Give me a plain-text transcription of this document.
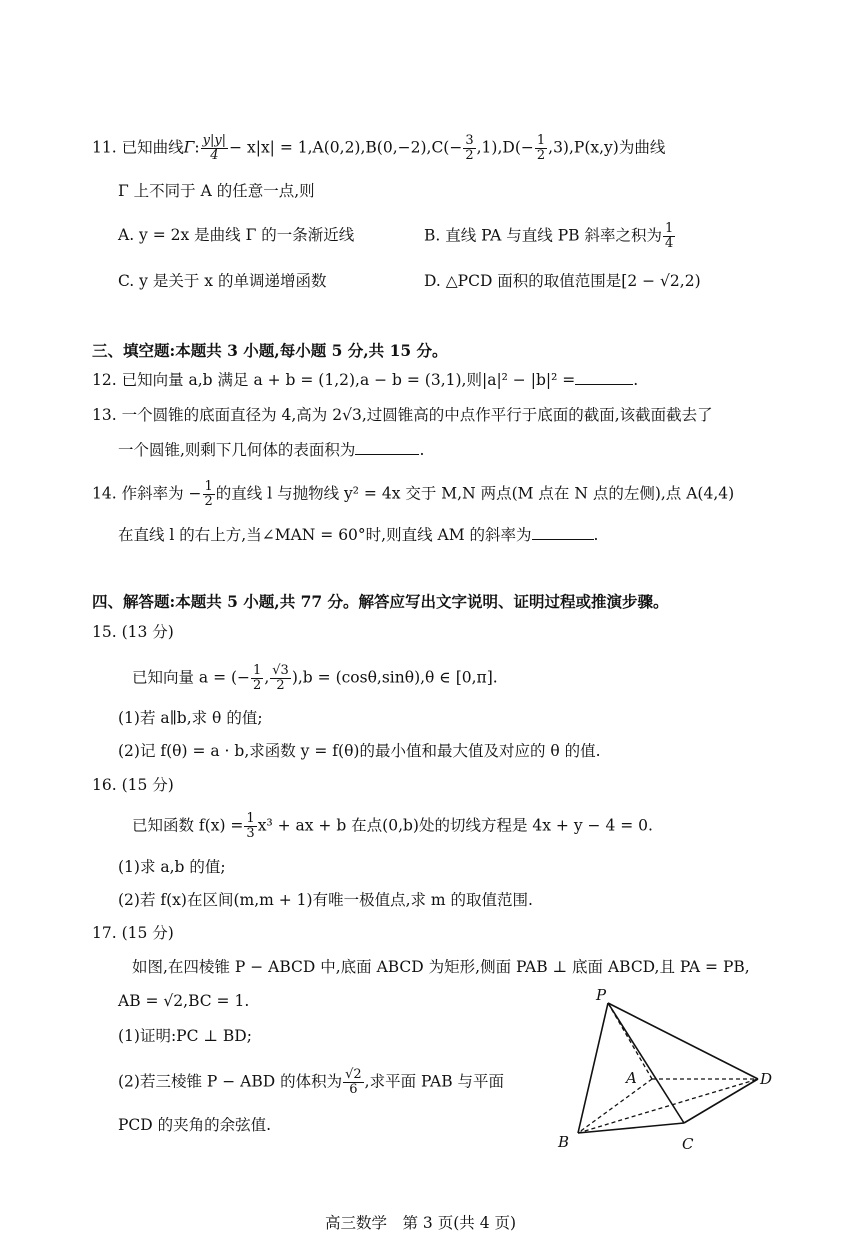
11. 已知曲线Γ: $\frac{y|y|}{4} - x|x| = 1,A(0,2),B(0,-2),C(- \frac{3}{2} ,1),D(- \frac{1}{2} ,3),P(x,y)$为曲线
Γ 上不同于 A 的任意一点,则
A. y = 2x 是曲线 Γ 的一条渐近线	B. 直线 PA 与直线 PB 斜率之积为 $\frac{1}{4}$
C. y 是关于 x 的单调递增函数	D. △PCD 面积的取值范围是[2 − √2,2)
三、填空题:本题共 3 小题,每小题 5 分,共 15 分。
12. 已知向量 a,b 满足 a + b = (1,2),a − b = (3,1),则|a|² − |b|² =	.
13. 一个圆锥的底面直径为 4,高为 2√3,过圆锥高的中点作平行于底面的截面,该截面截去了
一个圆锥,则剩下几何体的表面积为	.
14. 作斜率为 − $\frac{1}{2}$ 的直线 l 与抛物线 y² = 4x 交于 M,N 两点(M 点在 N 点的左侧),点 A(4,4)
在直线 l 的右上方,当∠MAN = 60°时,则直线 AM 的斜率为	.
四、解答题:本题共 5 小题,共 77 分。解答应写出文字说明、证明过程或推演步骤。
15. (13 分)
已知向量 a = (− $\frac{1}{2}$ , $\frac{√3}{2} ),b = (\cos\theta,\sin\theta),\theta$ ∈ [0,π].
(1)若 a∥b,求 θ 的值;
(2)记 f(θ) = a · b,求函数 y = f(θ)的最小值和最大值及对应的 θ 的值.
16. (15 分)
已知函数 $f(x) = \frac{1}{3} x^3$ + ax + b 在点(0,b)处的切线方程是 4x + y − 4 = 0.
(1)求 a,b 的值;
(2)若 f(x)在区间(m,m + 1)有唯一极值点,求 m 的取值范围.
17. (15 分)
如图,在四棱锥 P − ABCD 中,底面 ABCD 为矩形,侧面 PAB ⊥ 底面 ABCD,且 PA = PB,
AB = √2,BC = 1.
(1)证明:PC ⊥ BD;
(2)若三棱锥 P − ABD 的体积为 $\frac{√2}{6}$ ,求平面 PAB 与平面
PCD 的夹角的余弦值.
P
A
B	C
D
高三数学　第 3 页(共 4 页)
